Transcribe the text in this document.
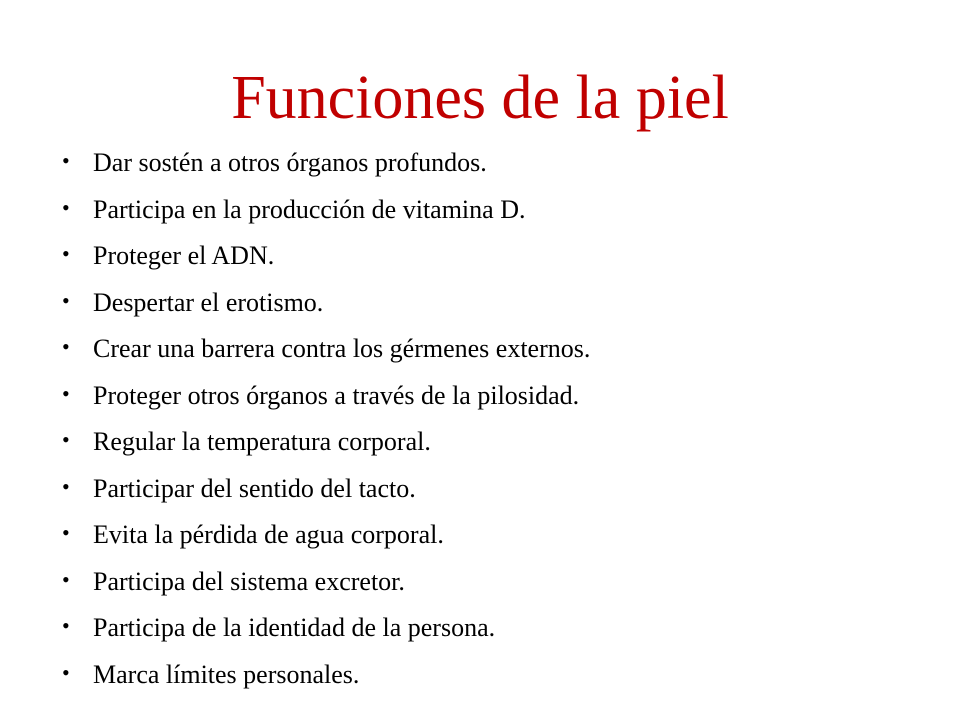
Funciones de la piel
• Dar sostén a otros órganos profundos.
• Participa en la producción de vitamina D.
• Proteger el ADN.
• Despertar el erotismo.
• Crear una barrera contra los gérmenes externos.
• Proteger otros órganos a través de la pilosidad.
• Regular la temperatura corporal.
• Participar del sentido del tacto.
• Evita la pérdida de agua corporal.
• Participa del sistema excretor.
• Participa de la identidad de la persona.
• Marca límites personales.
